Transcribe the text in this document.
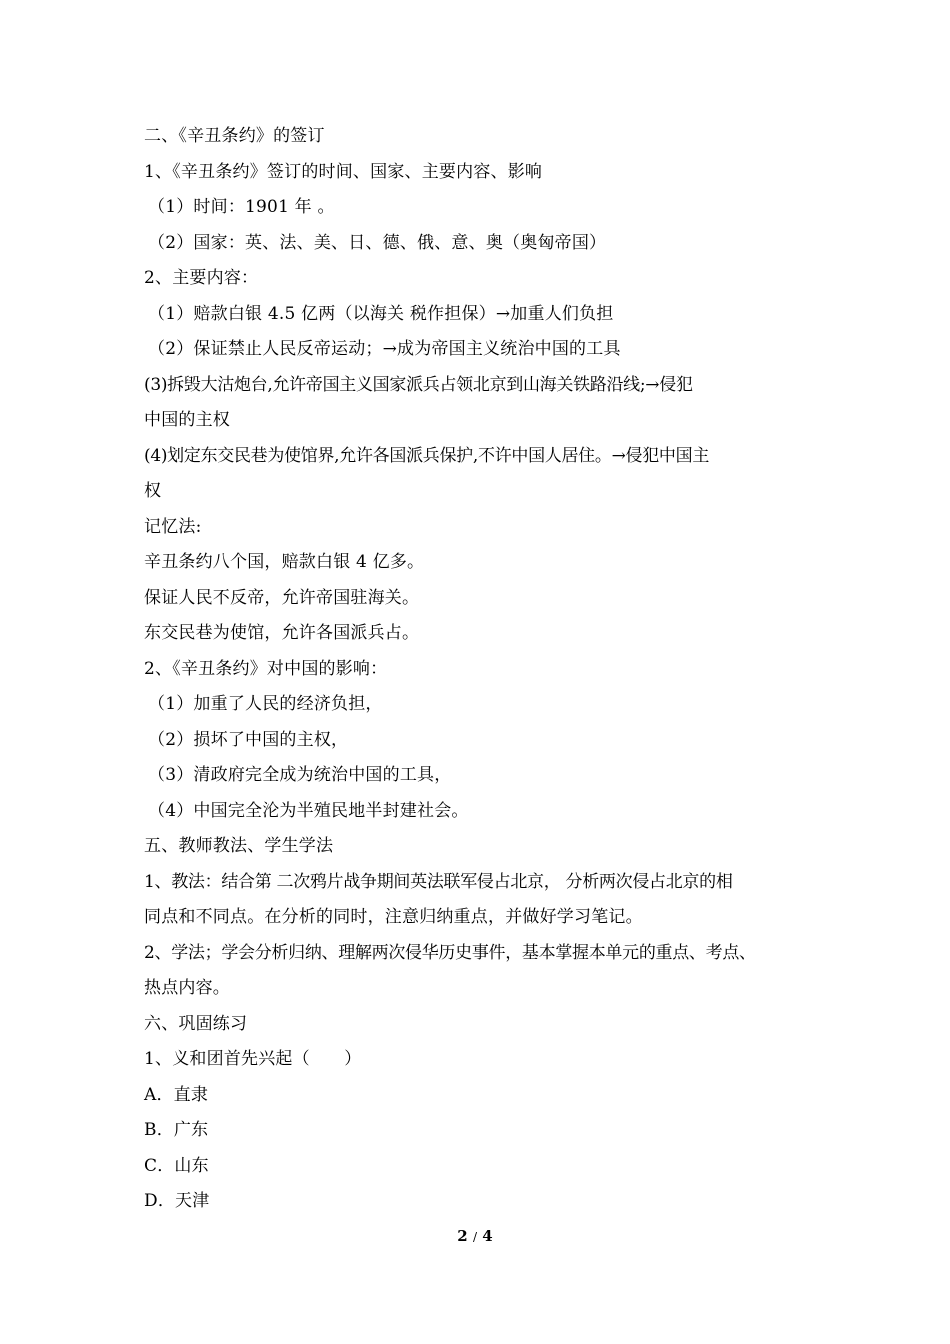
二、《辛丑条约》的签订
1、《辛丑条约》签订的时间、国家、主要内容、影响
（1）时间：1901 年 。
（2）国家：英、法、美、日、德、俄、意、奥（奥匈帝国）
2、主要内容：
（1）赔款白银 4.5 亿两（以海关 税作担保）→加重人们负担
（2）保证禁止人民反帝运动；→成为帝国主义统治中国的工具
(3)拆毁大沽炮台,允许帝国主义国家派兵占领北京到山海关铁路沿线;→侵犯
中国的主权
(4)划定东交民巷为使馆界,允许各国派兵保护,不许中国人居住。→侵犯中国主
权
记忆法:
辛丑条约八个国，赔款白银 4 亿多。
保证人民不反帝，允许帝国驻海关。
东交民巷为使馆，允许各国派兵占。
2、《辛丑条约》对中国的影响：
（1）加重了人民的经济负担，
（2）损坏了中国的主权，
（3）清政府完全成为统治中国的工具，
（4）中国完全沦为半殖民地半封建社会。
五、教师教法、学生学法
1、教法：结合第 二次鸦片战争期间英法联军侵占北京， 分析两次侵占北京的相
同点和不同点。在分析的同时，注意归纳重点，并做好学习笔记。
2、学法；学会分析归纳、理解两次侵华历史事件，基本掌握本单元的重点、考点、
热点内容。
六、巩固练习
1、义和团首先兴起（　　）
A．直隶
B．广东
C．山东
D．天津
2 / 4
